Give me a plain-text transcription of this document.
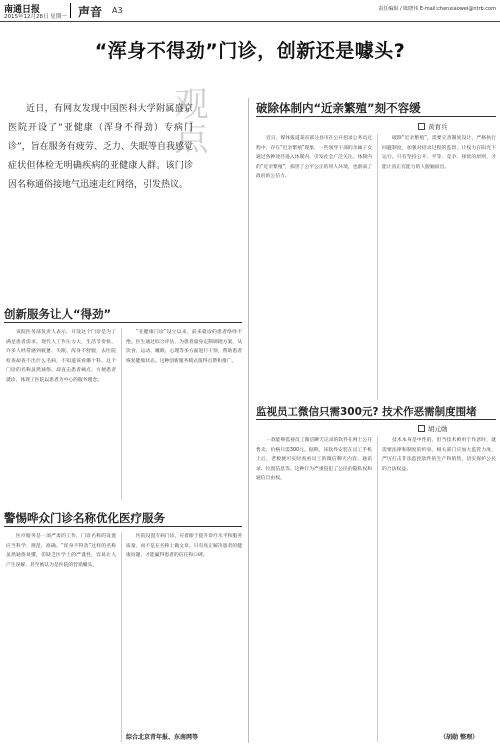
南通日报
2015年12月28日 星期一 声音 A3	责任编辑 / 陈晓伟 E-mail:chenxiaowei@ntrb.com
“浑身不得劲”门诊，创新还是噱头?
观点
近日，有网友发现中国医科大学附属盛京医院开设了“亚健康（浑身不得劲）专病门诊”，旨在服务有疲劳、乏力、失眠等自我感觉症状但体检无明确疾病的亚健康人群。该门诊因名称通俗接地气迅速走红网络，引发热议。
创新服务让人“得劲”

该院医务部负责人表示，开设这个门诊是为了满足患者需求。现代人工作压力大，生活节奏快，许多人经常感到疲惫、失眠、浑身不舒服，去医院检查却查不出什么毛病，不知道该看哪个科。这个门诊的名称虽然通俗，却直击患者痛点，方便患者就诊，体现了医院以患者为中心的服务理念。

“亚健康门诊”设立以来，前来就诊的患者络绎不绝。医生通过综合评估，为患者量身定制调理方案，从饮食、运动、睡眠、心理等多方面进行干预，帮助患者恢复健康状态。这种创新服务模式值得点赞和推广。

警惕哗众门诊名称优化医疗服务

医疗服务是一项严肃的工作，门诊名称的设置应当科学、规范、准确。“浑身不得劲”这样的名称虽然通俗易懂，但缺乏医学上的严谨性，容易让人产生误解，甚至被认为是医院的营销噱头。

医院设置专病门诊，应着眼于提升诊疗水平和服务质量，而不是在名称上做文章。只有真正解决患者的健康问题，才能赢得患者的信任和口碑。

综合北京青年报、东南网等
破除体制内“近亲繁殖”刻不容缓
黄育兵

近日，媒体报道某省部分县市在公开招录公务员过程中，存在“近亲繁殖”现象，一些领导干部的亲属子女通过各种途径进入体制内，引发社会广泛关注。体制内的“近亲繁殖”，损害了公平公正的用人环境，也削弱了政府的公信力。

破除“近亲繁殖”，需要完善制度设计，严格执行回避制度，加强对招录过程的监督，让权力在阳光下运行。只有坚持公开、平等、竞争、择优的原则，才能让真正有能力的人脱颖而出。

监视员工微信只需300元? 技术作恶需制度围堵
胡元勋

一款能够监视员工微信聊天记录的软件在网上公开售卖，价格只需300元。据称，该软件安装在员工手机上后，老板便可实时查看员工的微信聊天内容、通讯录、位置信息等。这种行为严重侵犯了公民的隐私权和通信自由权。

技术本身是中性的，但当技术被用于作恶时，就需要法律和制度的约束。相关部门应加大监管力度，严厉打击非法监控软件的生产和销售，切实保护公民的合法权益。

（胡勋 整理）
